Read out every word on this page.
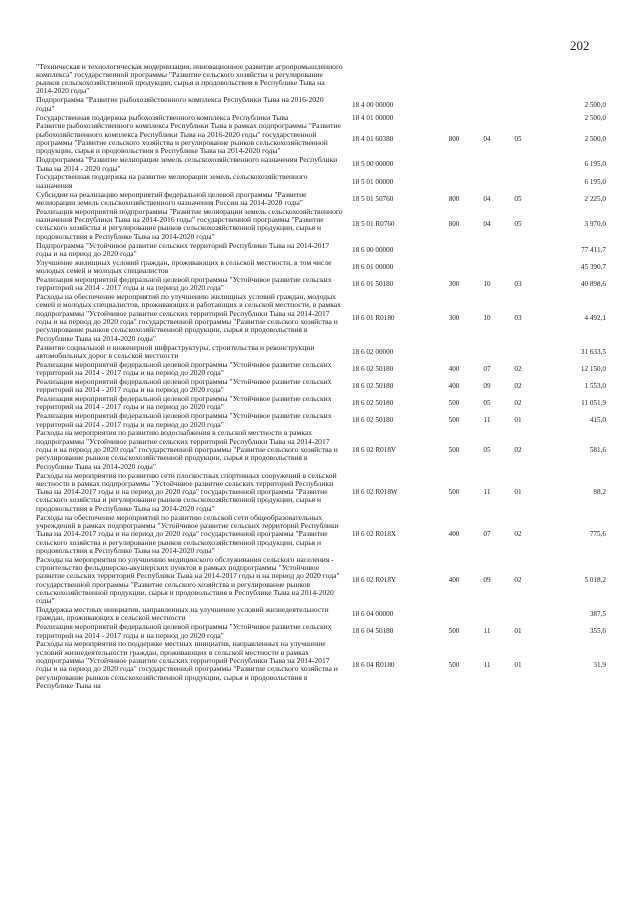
202
"Техническая и технологическая модернизация, инновационное развитие агропромышленного комплекса" государственной программы "Развитие сельского хозяйства и регулирование рынков сельскохозяйственной продукции, сырья и продовольствия в Республике Тыва на 2014-2020 годы"					
Подпрограмма "Развитие рыбохозяйственного комплекса Республики Тыва на 2016-2020 годы"	18 4 00 00000				2 500,0
Государственная поддержка рыбохозяйственного комплекса Республики Тыва	18 4 01 00000				2 500,0
Развитие рыбохозяйственного комплекса Республики Тыва в рамках подпрограммы "Развитие рыбохозяйственного комплекса Республики Тыва на 2016-2020 годы" государственной программы "Развитие сельского хозяйства и регулирование рынков сельскохозяйственной продукции, сырья и продовольствия в Республике Тыва на 2014-2020 годы"	18 4 01 60380	800	04	05	2 500,0
Подпрограмма "Развитие мелиорации земель сельскохозяйственного назначения Республики Тыва на 2014 - 2020 годы"	18 5 00 00000				6 195,0
Государственная поддержка на развитие мелиорации земель сельскохозяйственного назначения	18 5 01 00000				6 195,0
Субсидии на реализацию мероприятий федеральной целевой программы "Развитие мелиорации земель сельскохозяйственного назначения России на 2014-2020 годы"	18 5 01 50760	800	04	05	2 225,0
Реализация мероприятий подпрограммы "Развитие мелиорации земель сельскохозяйственного назначения Республики Тыва на 2014-2016 годы" государственной программы "Развитие сельского хозяйства и регулирование рынков сельскохозяйственной продукции, сырья и продовольствия в Республике Тыва на 2014-2020 годы"	18 5 01 R0760	800	04	05	3 970,0
Подпрограмма "Устойчивое развитие сельских территорий Республики Тыва на 2014-2017 годы и на период до 2020 года"	18 6 00 00000				77 411,7
Улучшение жилищных условий граждан, проживающих в сельской местности, в том числе молодых семей и молодых специалистов	18 6 01 00000				45 390,7
Реализация мероприятий федеральной целевой программы "Устойчивое развитие сельских территорий на 2014 - 2017 годы и на период до 2020 года"	18 6 01 50180	300	10	03	40 898,6
Расходы на обеспечение мероприятий по улучшению жилищных условий граждан, молодых семей и молодых специалистов, проживающих и работающих в сельской местности, в рамках подпрограммы "Устойчивое развитие сельских территорий Республики Тыва на 2014-2017 годы и на период до 2020 года" государственной программы "Развитие сельского хозяйства и регулирование рынков сельскохозяйственной продукции, сырья и продовольствия в Республике Тыва на 2014-2020 годы"	18 6 01 R0180	300	10	03	4 492,1
Развитие социальной и инженерной инфраструктуры, строительства и реконструкции автомобильных дорог в сельской местности	18 6 02 00000				31 633,5
Реализация мероприятий федеральной целевой программы "Устойчивое развитие сельских территорий на 2014 - 2017 годы и на период до 2020 года"	18 6 02 50180	400	07	02	12 150,0
Реализация мероприятий федеральной целевой программы "Устойчивое развитие сельских территорий на 2014 - 2017 годы и на период до 2020 года"	18 6 02 50180	400	09	02	1 553,0
Реализация мероприятий федеральной целевой программы "Устойчивое развитие сельских территорий на 2014 - 2017 годы и на период до 2020 года"	18 6 02 50180	500	05	02	11 051,9
Реализация мероприятий федеральной целевой программы "Устойчивое развитие сельских территорий на 2014 - 2017 годы и на период до 2020 года"	18 6 02 50180	500	11	01	415,0
Расходы на мероприятия по развитию водоснабжения в сельской местности в рамках подпрограммы "Устойчивое развитие сельских территорий Республики Тыва на 2014-2017 годы и на период до 2020 года" государственной программы "Развитие сельского хозяйства и регулирование рынков сельскохозяйственной продукции, сырья и продовольствия в Республике Тыва на 2014-2020 годы"	18 6 02 R018V	500	05	02	581,6
Расходы на мероприятия по развитию сети плоскостных спортивных сооружений в сельской местности в рамках подпрограммы "Устойчивое развитие сельских территорий Республики Тыва на 2014-2017 годы и на период до 2020 года" государственной программы "Развитие сельского хозяйства и регулирование рынков сельскохозяйственной продукции, сырья и продовольствия в Республике Тыва на 2014-2020 годы"	18 6 02 R018W	500	11	01	88,2
Расходы на обеспечение мероприятий по развитию сельской сети общеобразовательных учреждений в рамках подпрограммы "Устойчивое развитие сельских территорий Республики Тыва на 2014-2017 годы и на период до 2020 года" государственной программы "Развитие сельского хозяйства и регулирование рынков сельскохозяйственной продукции, сырья и продовольствия в Республике Тыва на 2014-2020 годы"	18 6 02 R018X	400	07	02	775,6
Расходы на мероприятия по улучшению медицинского обслуживания сельского населения - строительство фельдшерско-акушерских пунктов в рамках подпрограммы "Устойчивое развитие сельских территорий Республики Тыва на 2014-2017 годы и на период до 2020 года" государственной программы "Развитие сельского хозяйства и регулирование рынков сельскохозяйственной продукции, сырья и продовольствия в Республике Тыва на 2014-2020 годы"	18 6 02 R018Y	400	09	02	5 018,2
Поддержка местных инициатив, направленных на улучшение условий жизнедеятельности граждан, проживающих в сельской местности	18 6 04 00000				387,5
Реализация мероприятий федеральной целевой программы "Устойчивое развитие сельских территорий на 2014 - 2017 годы и на период до 2020 года"	18 6 04 50180	500	11	01	355,6
Расходы на мероприятия по поддержке местных инициатив, направленных на улучшение условий жизнедеятельности граждан, проживающих в сельской местности в рамках подпрограммы "Устойчивое развитие сельских территорий Республики Тыва на 2014-2017 годы и на период до 2020 года" государственной программы "Развитие сельского хозяйства и регулирование рынков сельскохозяйственной продукции, сырья и продовольствия в Республике Тыва на	18 6 04 R0180	500	11	01	31,9
